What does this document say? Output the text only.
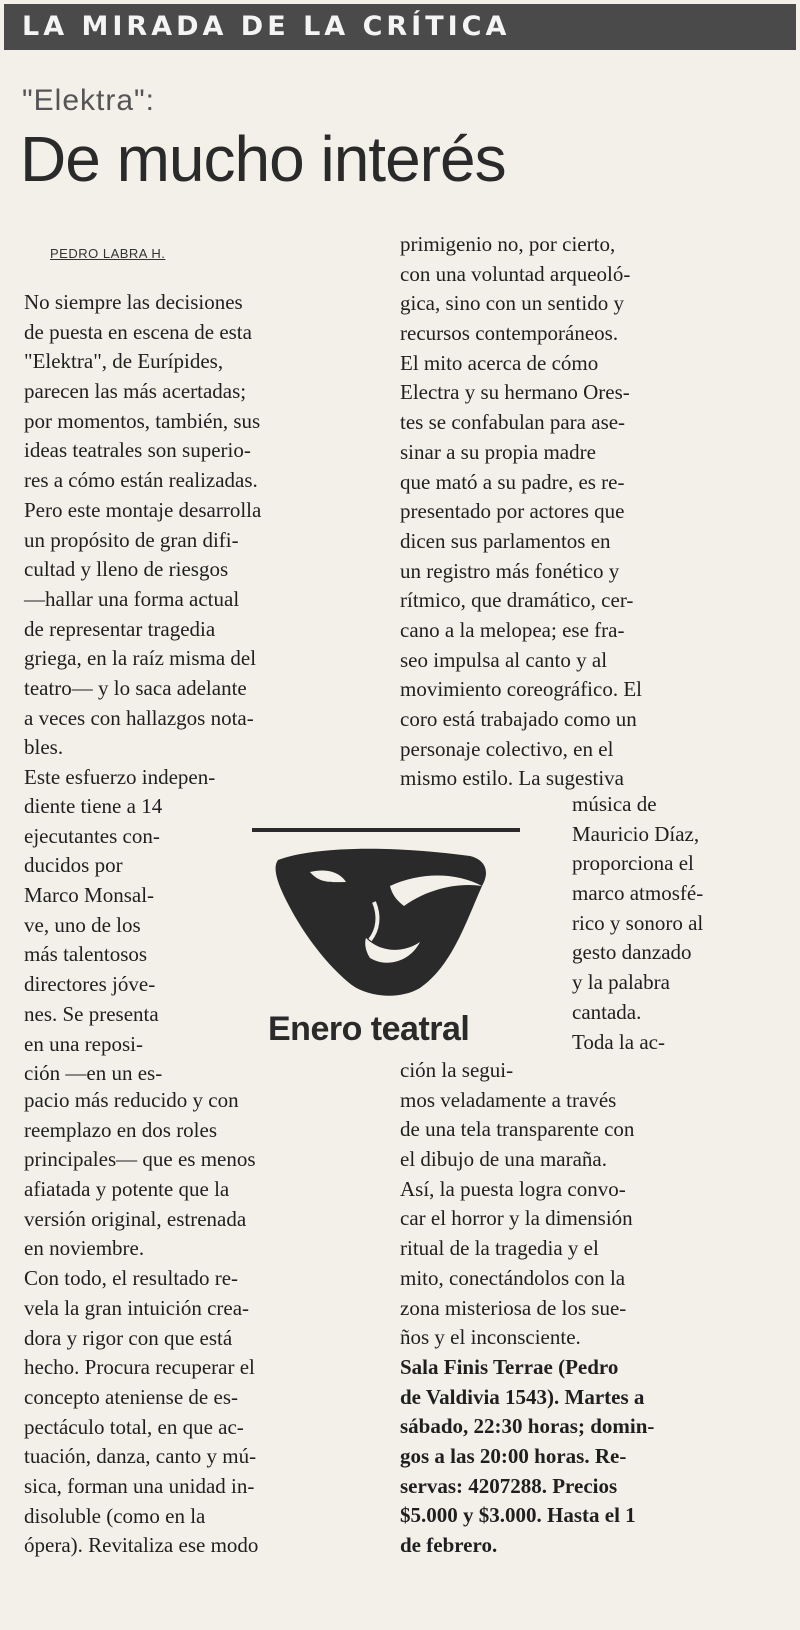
LA MIRADA DE LA CRÍTICA
"Elektra":
De mucho interés
PEDRO LABRA H.
No siempre las decisiones
de puesta en escena de esta
"Elektra", de Eurípides,
parecen las más acertadas;
por momentos, también, sus
ideas teatrales son superio-
res a cómo están realizadas.
Pero este montaje desarrolla
un propósito de gran difi-
cultad y lleno de riesgos
—hallar una forma actual
de representar tragedia
griega, en la raíz misma del
teatro— y lo saca adelante
a veces con hallazgos nota-
bles.
Este esfuerzo indepen-
diente tiene a 14
ejecutantes con-
ducidos por
Marco Monsal-
ve, uno de los
más talentosos
directores jóve-
nes. Se presenta
en una reposi-
ción —en un es-
pacio más reducido y con
reemplazo en dos roles
principales— que es menos
afiatada y potente que la
versión original, estrenada
en noviembre.
Con todo, el resultado re-
vela la gran intuición crea-
dora y rigor con que está
hecho. Procura recuperar el
concepto ateniense de es-
pectáculo total, en que ac-
tuación, danza, canto y mú-
sica, forman una unidad in-
disoluble (como en la
ópera). Revitaliza ese modo
primigenio no, por cierto,
con una voluntad arqueoló-
gica, sino con un sentido y
recursos contemporáneos.
El mito acerca de cómo
Electra y su hermano Ores-
tes se confabulan para ase-
sinar a su propia madre
que mató a su padre, es re-
presentado por actores que
dicen sus parlamentos en
un registro más fonético y
rítmico, que dramático, cer-
cano a la melopea; ese fra-
seo impulsa al canto y al
movimiento coreográfico. El
coro está trabajado como un
personaje colectivo, en el
mismo estilo. La sugestiva
música de
Mauricio Díaz,
proporciona el
marco atmosfé-
rico y sonoro al
gesto danzado
y la palabra
cantada.
Toda la ac-
ción la segui-
mos veladamente a través
de una tela transparente con
el dibujo de una maraña.
Así, la puesta logra convo-
car el horror y la dimensión
ritual de la tragedia y el
mito, conectándolos con la
zona misteriosa de los sue-
ños y el inconsciente.
Sala Finis Terrae (Pedro
de Valdivia 1543). Martes a
sábado, 22:30 horas; domin-
gos a las 20:00 horas. Re-
servas: 4207288. Precios
$5.000 y $3.000. Hasta el 1
de febrero.
Enero teatral
